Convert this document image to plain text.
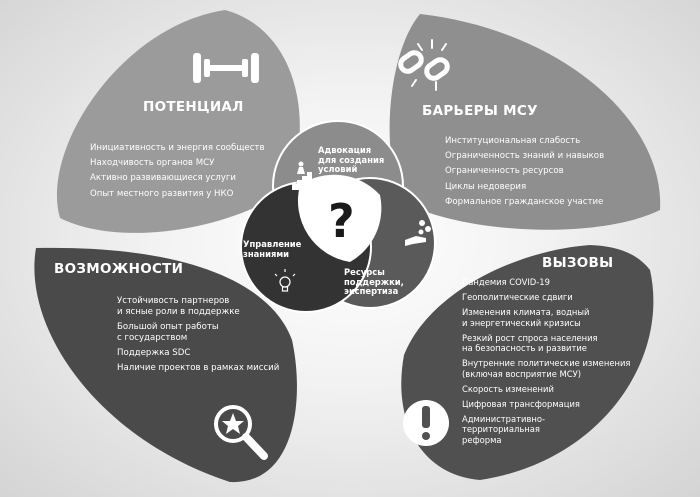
ПОТЕНЦИАЛ
Инициативность и энергия сообществ
Находчивость органов МСУ
Активно развивающиеся услуги
Опыт местного развития у НКО
БАРЬЕРЫ МСУ
Институциональная слабость
Ограниченность знаний и навыков
Ограниченность ресурсов
Циклы недоверия
Формальное гражданское участие
ВОЗМОЖНОСТИ
Устойчивость партнеров
и ясные роли в поддержке
Большой опыт работы
с государством
Поддержка SDC
Наличие проектов в рамках миссий
ВЫЗОВЫ
Пандемия COVID-19
Геополитические сдвиги
Изменения климата, водный
и энергетический кризисы
Резкий рост спроса населения
на безопасность и развитие
Внутренние политические изменения
(включая восприятие МСУ)
Скорость изменений
Цифровая трансформация
Административно-
территориальная
реформа
Адвокация
для создания
условий
Управление
знаниями
Ресурсы
поддержки,
экспертиза
?
